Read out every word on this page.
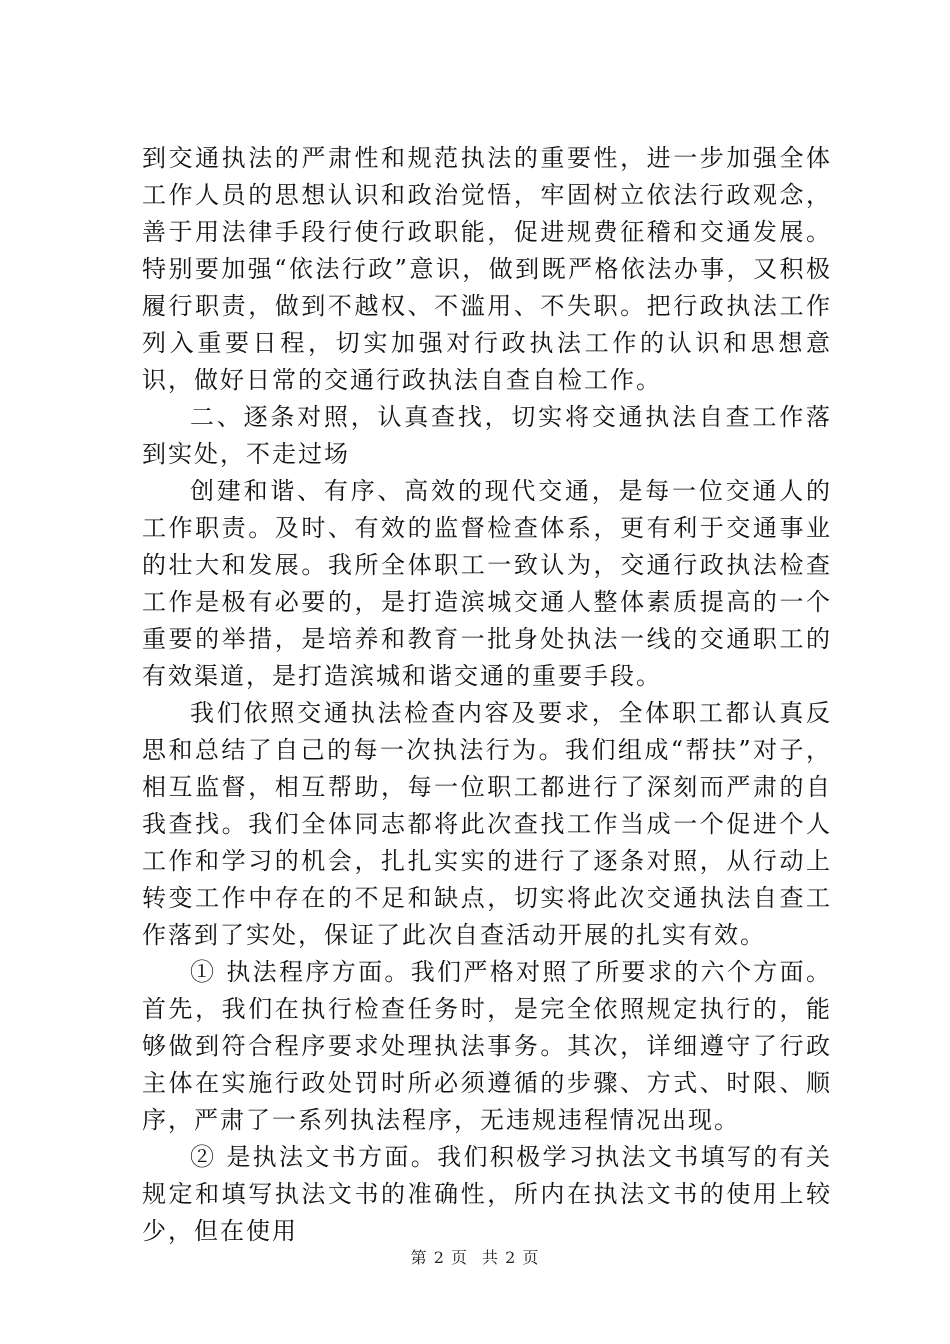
到交通执法的严肃性和规范执法的重要性，进一步加强全体工作人员的思想认识和政治觉悟，牢固树立依法行政观念，善于用法律手段行使行政职能，促进规费征稽和交通发展。特别要加强“依法行政”意识，做到既严格依法办事，又积极履行职责，做到不越权、不滥用、不失职。把行政执法工作列入重要日程，切实加强对行政执法工作的认识和思想意识，做好日常的交通行政执法自查自检工作。

二、逐条对照，认真查找，切实将交通执法自查工作落到实处，不走过场

创建和谐、有序、高效的现代交通，是每一位交通人的工作职责。及时、有效的监督检查体系，更有利于交通事业的壮大和发展。我所全体职工一致认为，交通行政执法检查工作是极有必要的，是打造滨城交通人整体素质提高的一个重要的举措，是培养和教育一批身处执法一线的交通职工的有效渠道，是打造滨城和谐交通的重要手段。

我们依照交通执法检查内容及要求，全体职工都认真反思和总结了自己的每一次执法行为。我们组成“帮扶”对子，相互监督，相互帮助，每一位职工都进行了深刻而严肃的自我查找。我们全体同志都将此次查找工作当成一个促进个人工作和学习的机会，扎扎实实的进行了逐条对照，从行动上转变工作中存在的不足和缺点，切实将此次交通执法自查工作落到了实处，保证了此次自查活动开展的扎实有效。

① 执法程序方面。我们严格对照了所要求的六个方面。首先，我们在执行检查任务时，是完全依照规定执行的，能够做到符合程序要求处理执法事务。其次，详细遵守了行政主体在实施行政处罚时所必须遵循的步骤、方式、时限、顺序，严肃了一系列执法程序，无违规违程情况出现。

② 是执法文书方面。我们积极学习执法文书填写的有关规定和填写执法文书的准确性，所内在执法文书的使用上较少，但在使用

第 2 页 共 2 页
